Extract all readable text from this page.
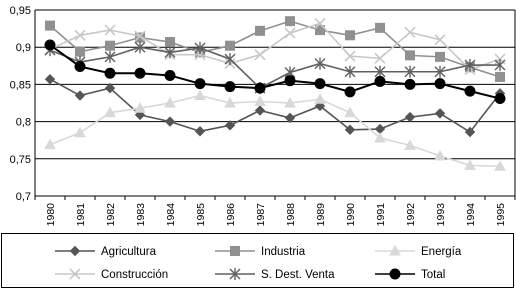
0,7
0,75
0,8
0,85
0,9
0,95
1980 1981 1982 1983 1984 1985 1986 1987 1988 1989 1990 1991 1992 1993 1994 1995
Agricultura	Industria	Energía
Construcción	S. Dest. Venta	Total
